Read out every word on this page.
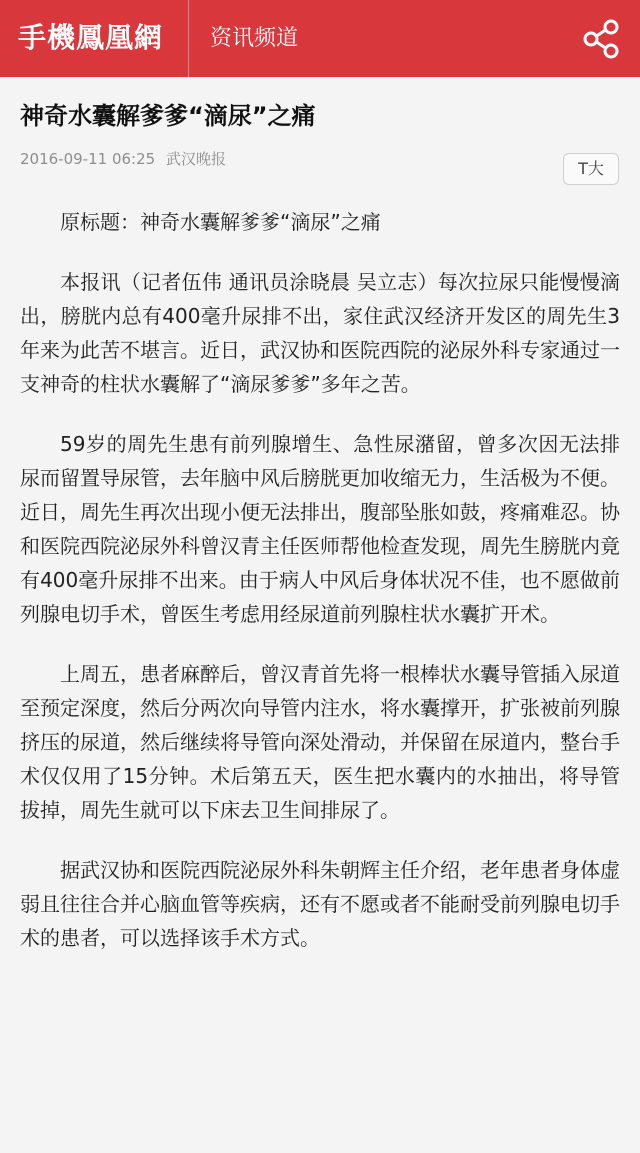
手機鳳凰網 资讯频道
神奇水囊解爹爹“滴尿”之痛
2016-09-11 06:25 武汉晚报	T大

原标题：神奇水囊解爹爹“滴尿”之痛

本报讯（记者伍伟 通讯员涂晓晨 吴立志）每次拉尿只能慢慢滴出，膀胱内总有400毫升尿排不出，家住武汉经济开发区的周先生3年来为此苦不堪言。近日，武汉协和医院西院的泌尿外科专家通过一支神奇的柱状水囊解了“滴尿爹爹”多年之苦。

59岁的周先生患有前列腺增生、急性尿潴留，曾多次因无法排尿而留置导尿管，去年脑中风后膀胱更加收缩无力，生活极为不便。近日，周先生再次出现小便无法排出，腹部坠胀如鼓，疼痛难忍。协和医院西院泌尿外科曾汉青主任医师帮他检查发现，周先生膀胱内竟有400毫升尿排不出来。由于病人中风后身体状况不佳，也不愿做前列腺电切手术，曾医生考虑用经尿道前列腺柱状水囊扩开术。

上周五，患者麻醉后，曾汉青首先将一根棒状水囊导管插入尿道至预定深度，然后分两次向导管内注水，将水囊撑开，扩张被前列腺挤压的尿道，然后继续将导管向深处滑动，并保留在尿道内，整台手术仅仅用了15分钟。术后第五天，医生把水囊内的水抽出，将导管拔掉，周先生就可以下床去卫生间排尿了。

据武汉协和医院西院泌尿外科朱朝辉主任介绍，老年患者身体虚弱且往往合并心脑血管等疾病，还有不愿或者不能耐受前列腺电切手术的患者，可以选择该手术方式。
